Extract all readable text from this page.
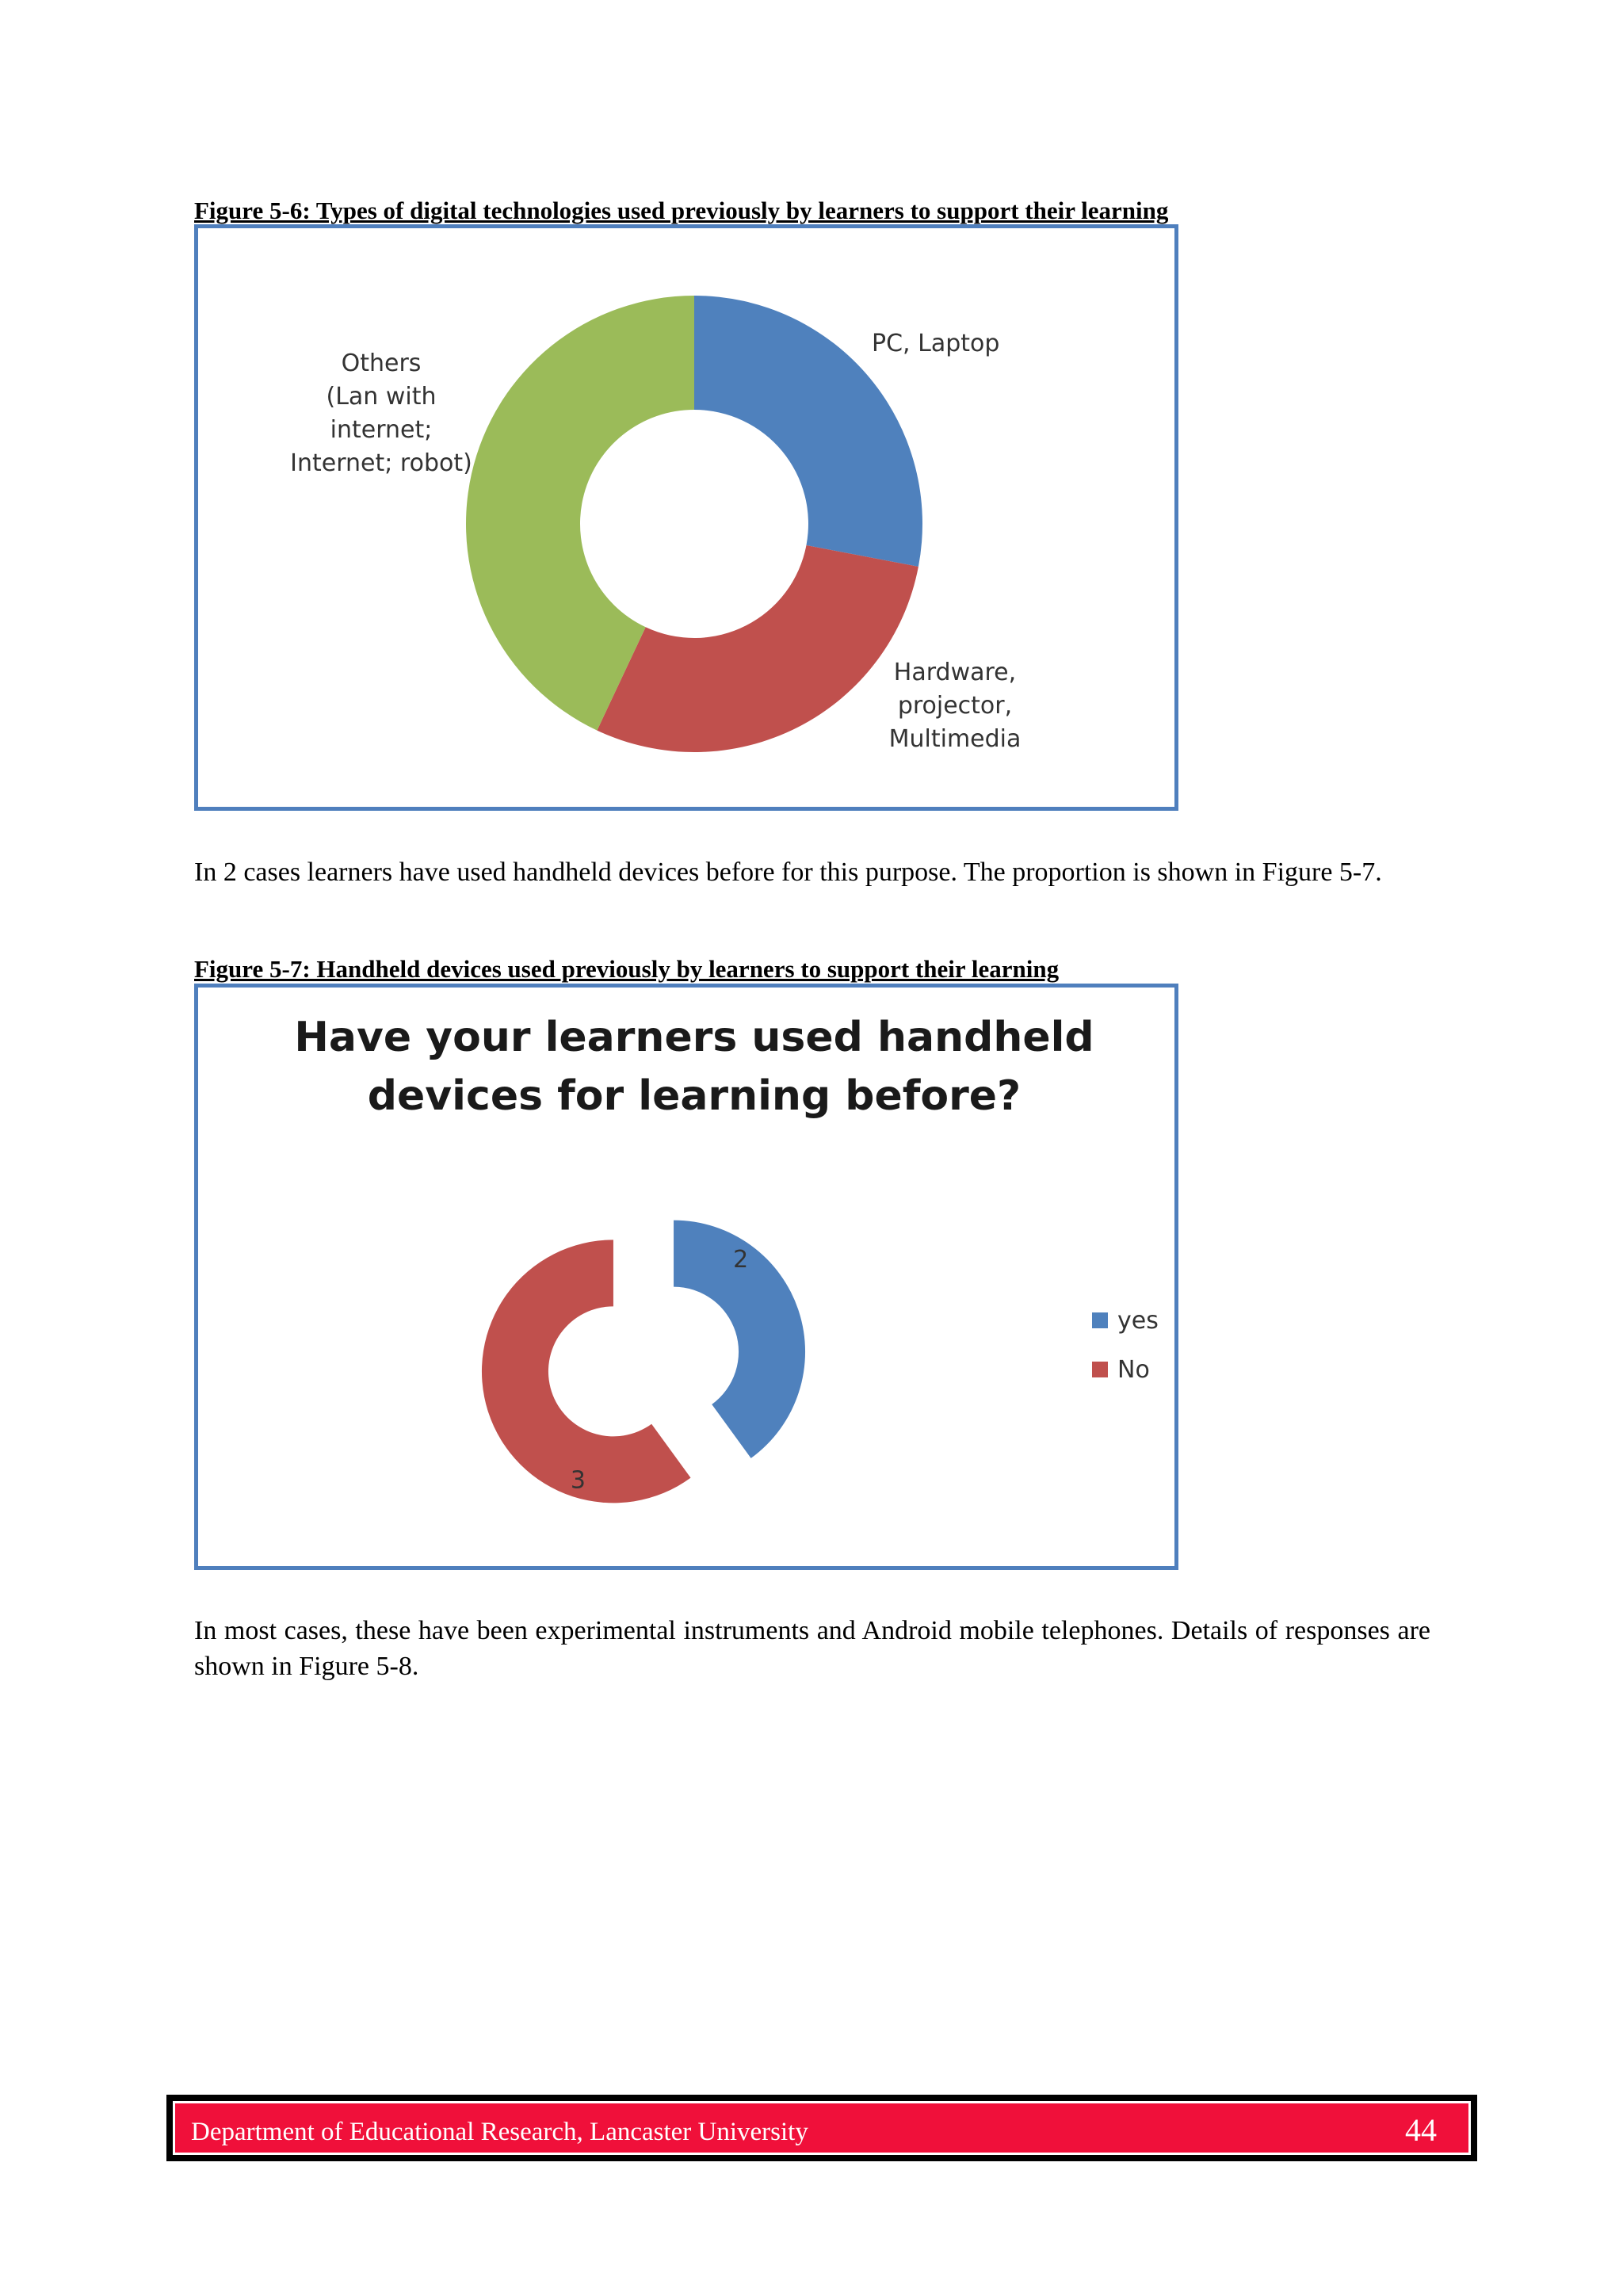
Figure 5-6: Types of digital technologies used previously by learners to support their learning
PC, Laptop
Hardware, projector, Multimedia
Others (Lan with internet; Internet; robot)
In 2 cases learners have used handheld devices before for this purpose. The proportion is shown in Figure 5-7.
Figure 5-7: Handheld devices used previously by learners to support their learning
Have your learners used handheld devices for learning before?
2
3
yes
No
In most cases, these have been experimental instruments and Android mobile telephones. Details of responses are shown in Figure 5-8.
Department of Educational Research, Lancaster University	44
